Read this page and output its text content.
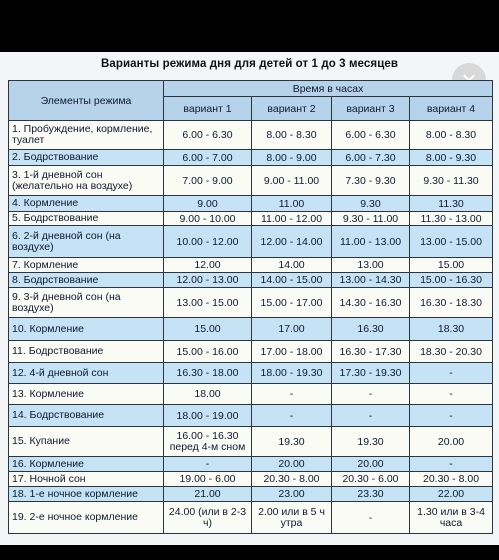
Варианты режима дня для детей от 1 до 3 месяцев
Элементы режима	Время в часах			
	вариант 1	вариант 2	вариант 3	вариант 4
1. Пробуждение, кормление, туалет	6.00 - 6.30	8.00 - 8.30	6.00 - 6.30	8.00 - 8.30
2. Бодрствование	6.00 - 7.00	8.00 - 9.00	6.00 - 7.30	8.00 - 9.30
3. 1-й дневной сон (желательно на воздухе)	7.00 - 9.00	9.00 - 11.00	7.30 - 9.30	9.30 - 11.30
4. Кормление	9.00	11.00	9.30	11.30
5. Бодрствование	9.00 - 10.00	11.00 - 12.00	9.30 - 11.00	11.30 - 13.00
6. 2-й дневной сон (на воздухе)	10.00 - 12.00	12.00 - 14.00	11.00 - 13.00	13.00 - 15.00
7. Кормление	12.00	14.00	13.00	15.00
8. Бодрствование	12.00 - 13.00	14.00 - 15.00	13.00 - 14.30	15.00 - 16.30
9. 3-й дневной сон (на воздухе)	13.00 - 15.00	15.00 - 17.00	14.30 - 16.30	16.30 - 18.30
10. Кормление	15.00	17.00	16.30	18.30
11. Бодрствование	15.00 - 16.00	17.00 - 18.00	16.30 - 17.30	18.30 - 20.30
12. 4-й дневной сон	16.30 - 18.00	18.00 - 19.30	17.30 - 19.30	-
13. Кормление	18.00	-	-	-
14. Бодрствование	18.00 - 19.00	-	-	-
15. Купание	16.00 - 16.30 перед 4-м сном	19.30	19.30	20.00
16. Кормление	-	20.00	20.00	-
17. Ночной сон	19.00 - 6.00	20.30 - 8.00	20.30 - 6.00	20.30 - 8.00
18. 1-е ночное кормление	21.00	23.00	23.30	22.00
19. 2-е ночное кормление	24.00 (или в 2-3 ч)	2.00 или в 5 ч утра	-	1.30 или в 3-4 часа
